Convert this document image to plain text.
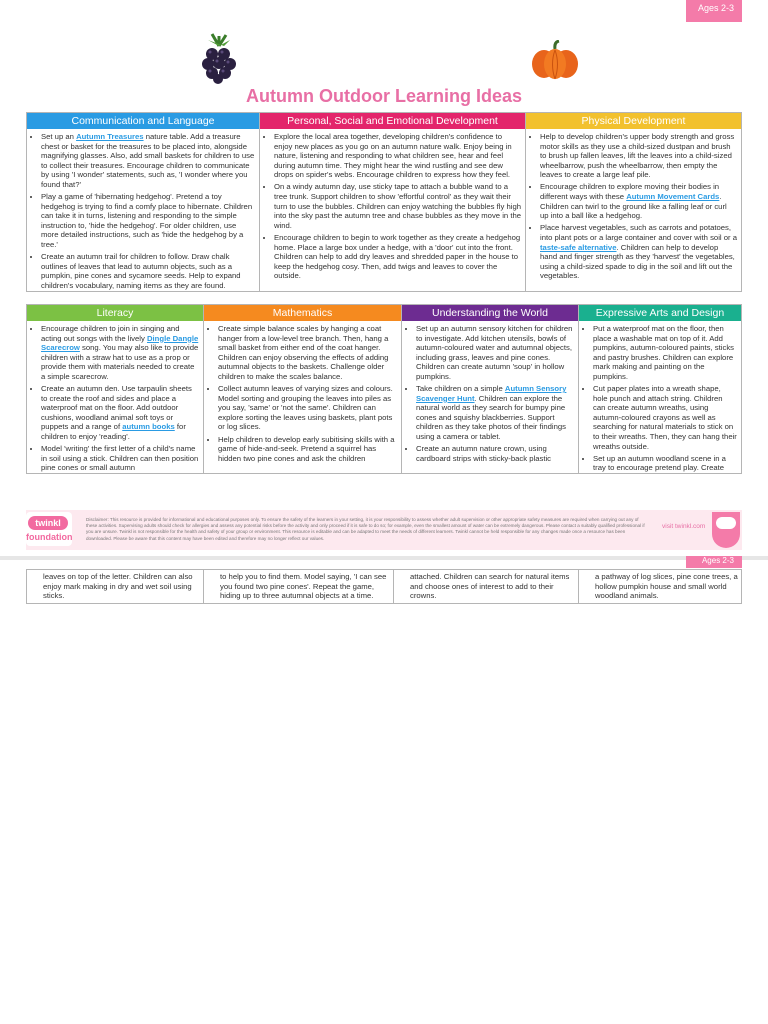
Ages 2-3
Autumn Outdoor Learning Ideas
Communication and Language
• Set up an Autumn Treasures nature table. Add a treasure chest or basket for the treasures to be placed into, alongside magnifying glasses. Also, add small baskets for children to use to collect their treasures. Encourage children to communicate by using 'I wonder' statements, such as, 'I wonder where you found that?'
• Play a game of 'hibernating hedgehog'. Pretend a toy hedgehog is trying to find a comfy place to hibernate. Children can take it in turns, listening and responding to the simple instruction to, 'hide the hedgehog'. For older children, use more detailed instructions, such as 'hide the hedgehog by a tree.'
• Create an autumn trail for children to follow. Draw chalk outlines of leaves that lead to autumn objects, such as a pumpkin, pine cones and sycamore seeds. Help to expand children's vocabulary, naming items as they are found.
Personal, Social and Emotional Development
• Explore the local area together, developing children's confidence to enjoy new places as you go on an autumn nature walk. Enjoy being in nature, listening and responding to what children see, hear and feel during autumn time. They might hear the wind rustling and see dew drops on spider's webs. Encourage children to express how they feel.
• On a windy autumn day, use sticky tape to attach a bubble wand to a tree trunk. Support children to show 'effortful control' as they wait their turn to use the bubbles. Children can enjoy watching the bubbles fly high into the sky past the autumn tree and chase bubbles as they move in the wind.
• Encourage children to begin to work together as they create a hedgehog home. Place a large box under a hedge, with a 'door' cut into the front. Children can help to add dry leaves and shredded paper in the house to keep the hedgehog cosy. Then, add twigs and leaves to cover the outside.
Physical Development
• Help to develop children's upper body strength and gross motor skills as they use a child-sized dustpan and brush to brush up fallen leaves, lift the leaves into a child-sized wheelbarrow, push the wheelbarrow, then empty the leaves to create a large leaf pile.
• Encourage children to explore moving their bodies in different ways with these Autumn Movement Cards. Children can twirl to the ground like a falling leaf or curl up into a ball like a hedgehog.
• Place harvest vegetables, such as carrots and potatoes, into plant pots or a large container and cover with soil or a taste-safe alternative. Children can help to develop hand and finger strength as they 'harvest' the vegetables, using a child-sized spade to dig in the soil and lift out the vegetables.
Literacy
• Encourage children to join in singing and acting out songs with the lively Dingle Dangle Scarecrow song. You may also like to provide children with a straw hat to use as a prop or provide them with materials needed to create a simple scarecrow.
• Create an autumn den. Use tarpaulin sheets to create the roof and sides and place a waterproof mat on the floor. Add outdoor cushions, woodland animal soft toys or puppets and a range of autumn books for children to enjoy 'reading'.
• Model 'writing' the first letter of a child's name in soil using a stick. Children can then position pine cones or small autumn
Mathematics
• Create simple balance scales by hanging a coat hanger from a low-level tree branch. Then, hang a small basket from either end of the coat hanger. Children can enjoy observing the effects of adding autumnal objects to the baskets. Challenge older children to make the scales balance.
• Collect autumn leaves of varying sizes and colours. Model sorting and grouping the leaves into piles as you say, 'same' or 'not the same'. Children can explore sorting the leaves using baskets, plant pots or log slices.
• Help children to develop early subitising skills with a game of hide-and-seek. Pretend a squirrel has hidden two pine cones and ask the children
Understanding the World
• Set up an autumn sensory kitchen for children to investigate. Add kitchen utensils, bowls of autumn-coloured water and autumnal objects, including grass, leaves and pine cones. Children can create autumn 'soup' in hollow pumpkins.
• Take children on a simple Autumn Sensory Scavenger Hunt. Children can explore the natural world as they search for bumpy pine cones and squishy blackberries. Support children as they take photos of their findings using a camera or tablet.
• Create an autumn nature crown, using cardboard strips with sticky-back plastic
Expressive Arts and Design
• Put a waterproof mat on the floor, then place a washable mat on top of it. Add pumpkins, autumn-coloured paints, sticks and pastry brushes. Children can explore mark making and painting on the pumpkins.
• Cut paper plates into a wreath shape, hole punch and attach string. Children can create autumn wreaths, using autumn-coloured crayons as well as searching for natural materials to stick on to their wreaths. Then, they can hang their wreaths outside.
• Set up an autumn woodland scene in a tray to encourage pretend play. Create
twinkl
foundation
Disclaimer: This resource is provided for informational and educational purposes only. To ensure the safety of the learners in your setting, it is your responsibility to assess whether adult supervision or other appropriate safety measures are required when carrying out any of these activities. Supervising adults should check for allergies and assess any potential risks before the activity and only proceed if it is safe to do so; for example, even the smallest amount of water can be extremely dangerous. Please contact a suitably qualified professional if you are unsure. Twinkl is not responsible for the health and safety of your group or environment. This resource is editable and can be adapted to meet the needs of different learners. Twinkl cannot be held responsible for any changes made once a resource has been downloaded. Please be aware that this content may have been edited and therefore may no longer reflect our values.
visit twinkl.com
Ages 2-3
leaves on top of the letter. Children can also enjoy mark making in dry and wet soil using sticks.
to help you to find them. Model saying, 'I can see you found two pine cones'. Repeat the game, hiding up to three autumnal objects at a time.
attached. Children can search for natural items and choose ones of interest to add to their crowns.
a pathway of log slices, pine cone trees, a hollow pumpkin house and small world woodland animals.
